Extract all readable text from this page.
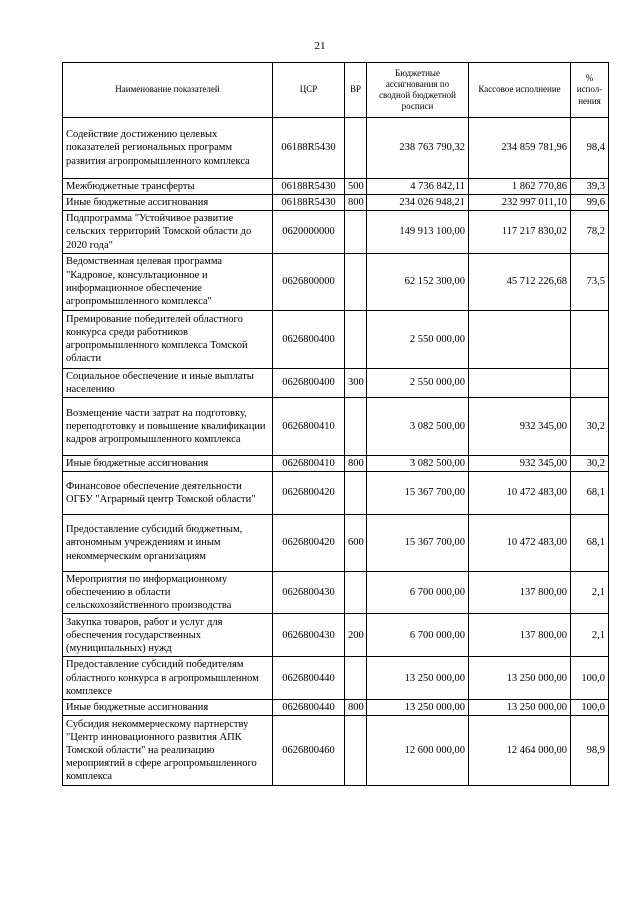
21
Наименование показателей	ЦСР	ВР	Бюджетные ассигнования по сводной бюджетной росписи	Кассовое исполнение	% испол-нения
Содействие достижению целевых показателей региональных программ развития агропромышленного комплекса	06188R5430		238 763 790,32	234 859 781,96	98,4
Межбюджетные трансферты	06188R5430	500	4 736 842,11	1 862 770,86	39,3
Иные бюджетные ассигнования	06188R5430	800	234 026 948,21	232 997 011,10	99,6
Подпрограмма "Устойчивое развитие сельских территорий Томской области до 2020 года"	0620000000		149 913 100,00	117 217 830,02	78,2
Ведомственная целевая программа "Кадровое, консультационное и информационное обеспечение агропромышленного комплекса"	0626800000		62 152 300,00	45 712 226,68	73,5
Премирование победителей областного конкурса среди работников агропромышленного комплекса Томской области	0626800400		2 550 000,00		
Социальное обеспечение и иные выплаты населению	0626800400	300	2 550 000,00		
Возмещение части затрат на подготовку, переподготовку и повышение квалификации кадров агропромышленного комплекса	0626800410		3 082 500,00	932 345,00	30,2
Иные бюджетные ассигнования	0626800410	800	3 082 500,00	932 345,00	30,2
Финансовое обеспечение деятельности ОГБУ "Аграрный центр Томской области"	0626800420		15 367 700,00	10 472 483,00	68,1
Предоставление субсидий бюджетным, автономным учреждениям и иным некоммерческим организациям	0626800420	600	15 367 700,00	10 472 483,00	68,1
Мероприятия по информационному обеспечению в области сельскохозяйственного производства	0626800430		6 700 000,00	137 800,00	2,1
Закупка товаров, работ и услуг для обеспечения государственных (муниципальных) нужд	0626800430	200	6 700 000,00	137 800,00	2,1
Предоставление субсидий победителям областного конкурса в агропромышленном комплексе	0626800440		13 250 000,00	13 250 000,00	100,0
Иные бюджетные ассигнования	0626800440	800	13 250 000,00	13 250 000,00	100,0
Субсидия некоммерческому партнерству "Центр инновационного развития АПК Томской области" на реализацию мероприятий в сфере агропромышленного комплекса	0626800460		12 600 000,00	12 464 000,00	98,9
